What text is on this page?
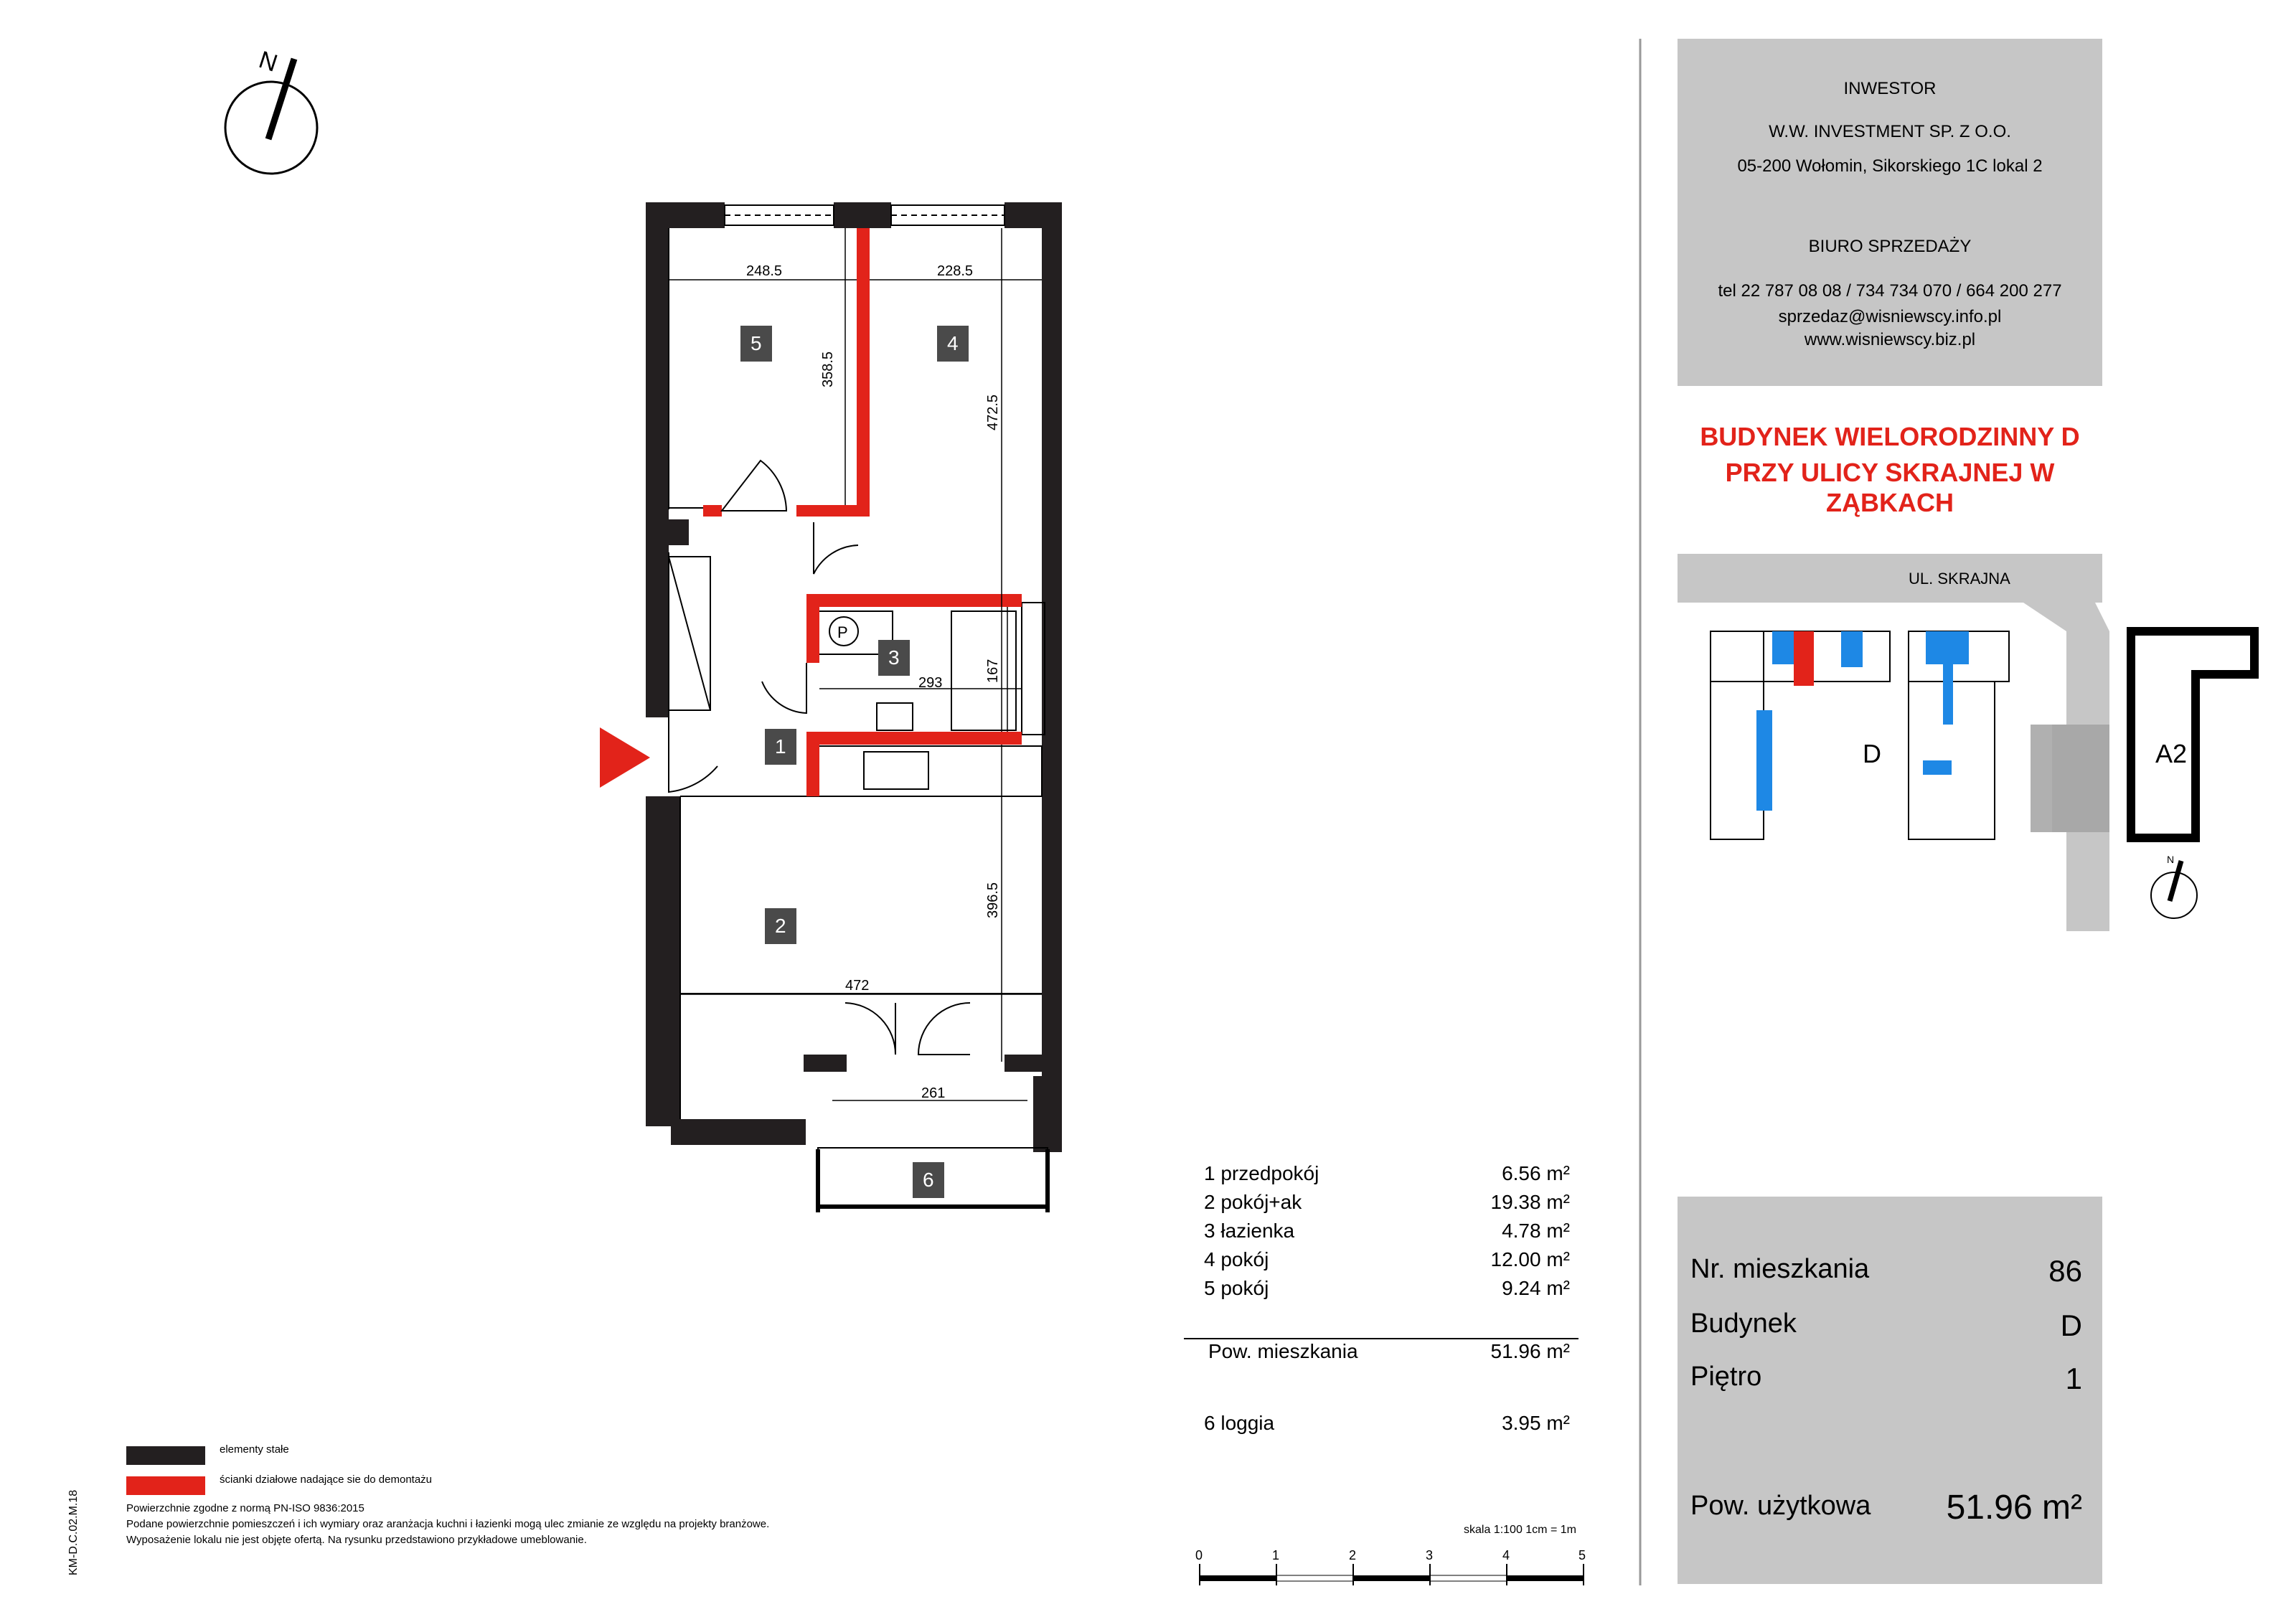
N
248.5	228.5
358.5
472.5
293	167
396.5
472
261
P
5	4
3
1
2
6
UL. SKRAJNA
D	A2
N
INWESTOR
W.W. INVESTMENT SP. Z O.O.
05-200 Wołomin, Sikorskiego 1C lokal 2
BIURO SPRZEDAŻY
tel 22 787 08 08 / 734 734 070 / 664 200 277
sprzedaz@wisniewscy.info.pl
www.wisniewscy.biz.pl
BUDYNEK WIELORODZINNY D
PRZY ULICY SKRAJNEJ W ZĄBKACH
1 przedpokój	6.56 m²
2 pokój+ak	19.38 m²
3 łazienka	4.78 m²
4 pokój	12.00 m²
5 pokój	9.24 m²
Pow. mieszkania	51.96 m²
6 loggia	3.95 m²
skala 1:100 1cm = 1m
0	1	2	3	4	5
elementy stałe
ścianki działowe nadające sie do demontażu
Powierzchnie zgodne z normą PN-ISO 9836:2015
Podane powierzchnie pomieszczeń i ich wymiary oraz aranżacja kuchni i łazienki mogą ulec zmianie ze względu na projekty branżowe.
Wyposażenie lokalu nie jest objęte ofertą. Na rysunku przedstawiono przykładowe umeblowanie.
KM-D.C.02.M.18
Nr. mieszkania	86
Budynek	D
Piętro	1
Pow. użytkowa 51.96 m²
